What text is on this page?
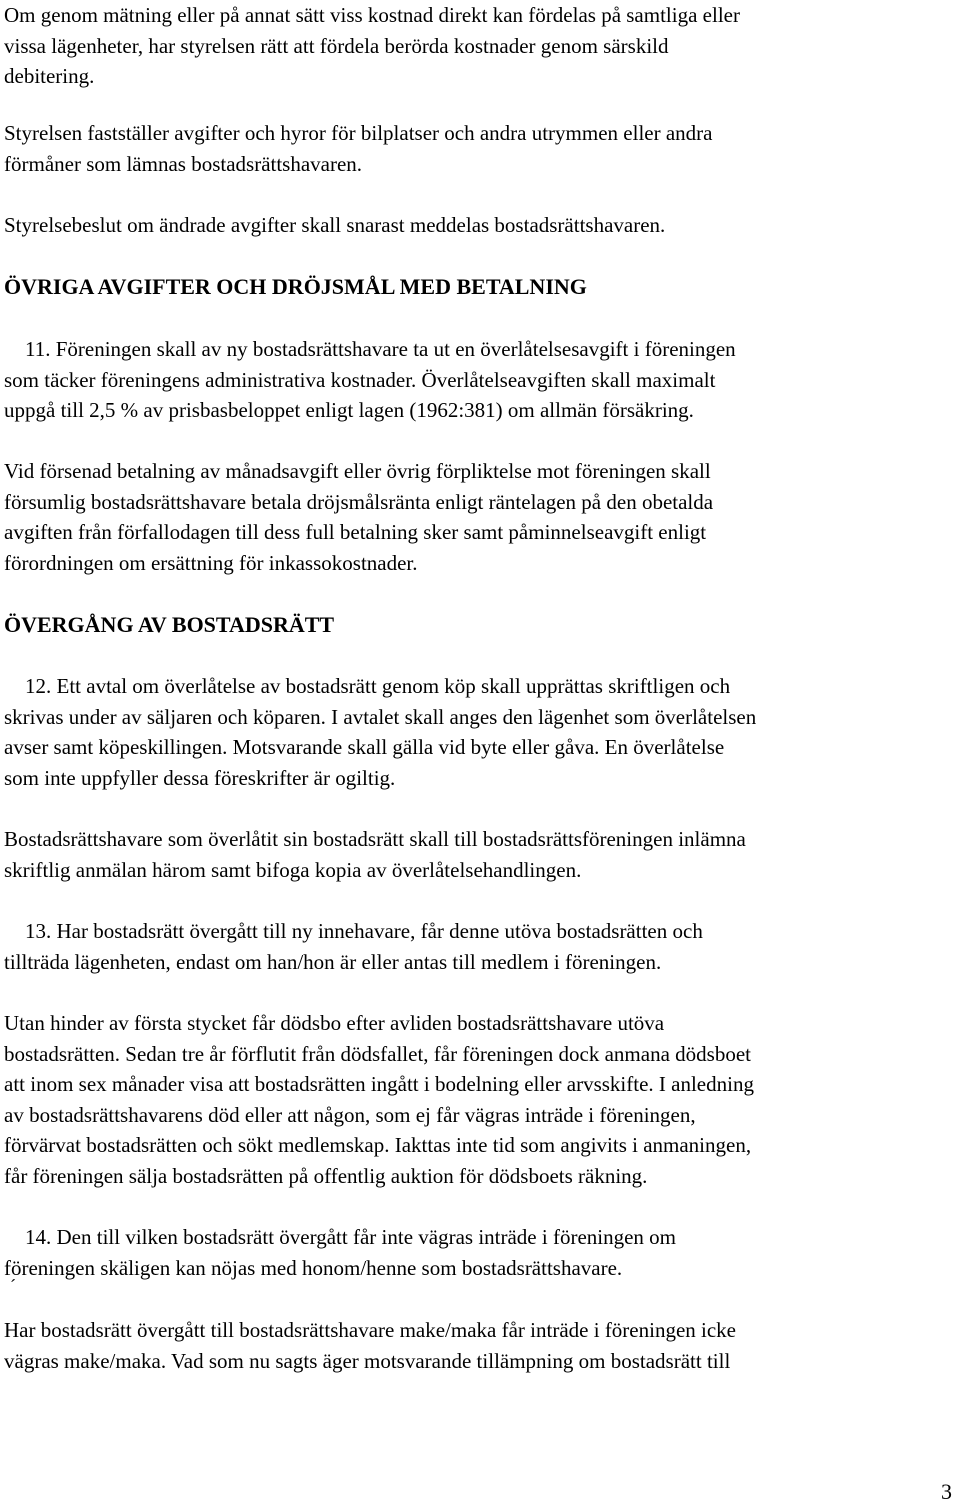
Om genom mätning eller på annat sätt viss kostnad direkt kan fördelas på samtliga eller
vissa lägenheter, har styrelsen rätt att fördela berörda kostnader genom särskild
debitering.
Styrelsen fastställer avgifter och hyror för bilplatser och andra utrymmen eller andra
förmåner som lämnas bostadsrättshavaren.
Styrelsebeslut om ändrade avgifter skall snarast meddelas bostadsrättshavaren.
ÖVRIGA AVGIFTER OCH DRÖJSMÅL MED BETALNING
11. Föreningen skall av ny bostadsrättshavare ta ut en överlåtelsesavgift i föreningen
som täcker föreningens administrativa kostnader. Överlåtelseavgiften skall maximalt
uppgå till 2,5 % av prisbasbeloppet enligt lagen (1962:381) om allmän försäkring.
Vid försenad betalning av månadsavgift eller övrig förpliktelse mot föreningen skall
försumlig bostadsrättshavare betala dröjsmålsränta enligt räntelagen på den obetalda
avgiften från förfallodagen till dess full betalning sker samt påminnelseavgift enligt
förordningen om ersättning för inkassokostnader.
ÖVERGÅNG AV BOSTADSRÄTT
12. Ett avtal om överlåtelse av bostadsrätt genom köp skall upprättas skriftligen och
skrivas under av säljaren och köparen. I avtalet skall anges den lägenhet som överlåtelsen
avser samt köpeskillingen. Motsvarande skall gälla vid byte eller gåva. En överlåtelse
som inte uppfyller dessa föreskrifter är ogiltig.
Bostadsrättshavare som överlåtit sin bostadsrätt skall till bostadsrättsföreningen inlämna
skriftlig anmälan härom samt bifoga kopia av överlåtelsehandlingen.
13. Har bostadsrätt övergått till ny innehavare, får denne utöva bostadsrätten och
tillträda lägenheten, endast om han/hon är eller antas till medlem i föreningen.
Utan hinder av första stycket får dödsbo efter avliden bostadsrättshavare utöva
bostadsrätten. Sedan tre år förflutit från dödsfallet, får föreningen dock anmana dödsboet
att inom sex månader visa att bostadsrätten ingått i bodelning eller arvsskifte. I anledning
av bostadsrättshavarens död eller att någon, som ej får vägras inträde i föreningen,
förvärvat bostadsrätten och sökt medlemskap. Iakttas inte tid som angivits i anmaningen,
får föreningen sälja bostadsrätten på offentlig auktion för dödsboets räkning.
14. Den till vilken bostadsrätt övergått får inte vägras inträde i föreningen om
föreningen skäligen kan nöjas med honom/henne som bostadsrättshavare.
´
Har bostadsrätt övergått till bostadsrättshavare make/maka får inträde i föreningen icke
vägras make/maka. Vad som nu sagts äger motsvarande tillämpning om bostadsrätt till
3
